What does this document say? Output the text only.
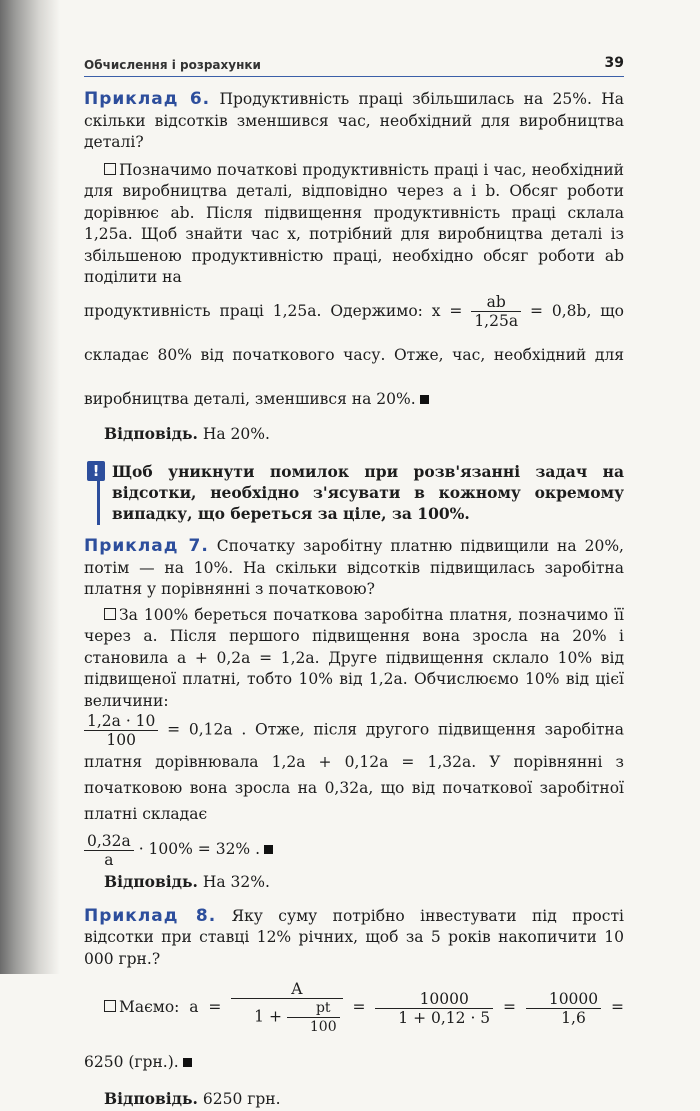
Обчислення і розрахунки	39

Приклад 6. Продуктивність праці збільшилась на 25%. На скільки відсотків зменшився час, необхідний для виробництва деталі?

Позначимо початкові продуктивність праці і час, необхідний для виробництва деталі, відповідно через a і b. Обсяг роботи дорівнює ab. Після підвищення продуктивність праці склала 1,25a. Щоб знайти час x, потрібний для виробництва деталі із збільшеною продуктивністю праці, необхідно обсяг роботи ab поділити на

продуктивність праці 1,25a. Одержимо: $x = \frac{ab}{1,25a} = 0,8b$, що складає 80% від початкового часу. Отже, час, необхідний для виробництва деталі, зменшився на 20%.

Відповідь. На 20%.

! Щоб уникнути помилок при розв'язанні задач на відсотки, необхідно з'ясувати в кожному окремому випадку, що береться за ціле, за 100%.

Приклад 7. Спочатку заробітну платню підвищили на 20%, потім — на 10%. На скільки відсотків підвищилась заробітна платня у порівнянні з початковою?

За 100% береться початкова заробітна платня, позначимо її через a. Після першого підвищення вона зросла на 20% і становила a + 0,2a = 1,2a. Друге підвищення склало 10% від підвищеної платні, тобто 10% від 1,2a. Обчислюємо 10% від цієї величини:

$\frac{1,2a \cdot 10}{100} = 0,12a$ . Отже, після другого підвищення заробітна платня дорівнювала 1,2a + 0,12a = 1,32a. У порівнянні з початковою вона зросла на 0,32a, що від початкової заробітної платні складає

$\frac{0,32a}{a} \cdot 100\% = 32\%$ .

Відповідь. На 32%.

Приклад 8. Яку суму потрібно інвестувати під прості відсотки при ставці 12% річних, щоб за 5 років накопичити 10 000 грн.?

Маємо: $a = \frac{A}{1 + \frac{pt}{100}} = \frac{10000}{1 + 0,12 \cdot 5} = \frac{10000}{1,6} = 6250$ (грн.).

Відповідь. 6250 грн.
